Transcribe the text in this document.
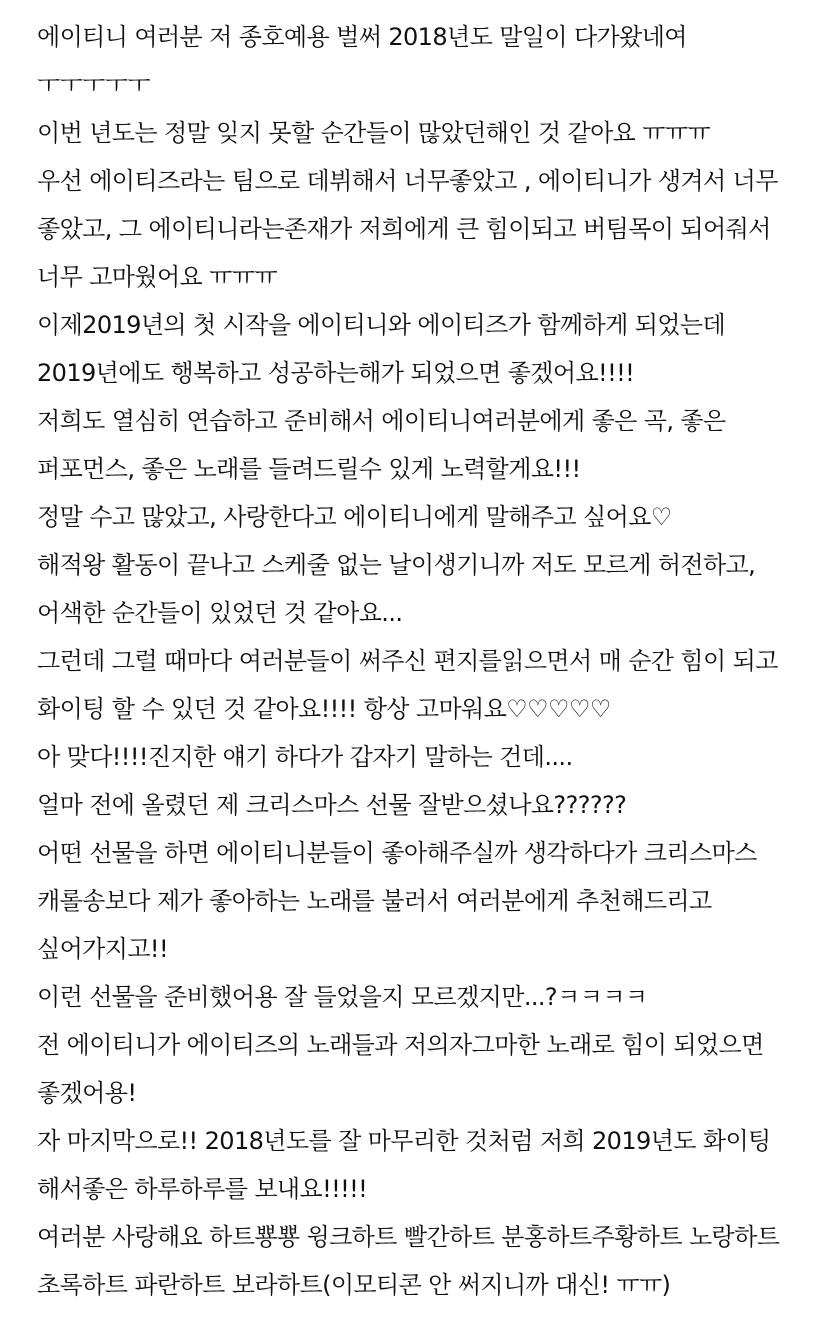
에이티니 여러분 저 종호예용 벌써 2018년도 말일이 다가왔네여 ㅜㅜㅜㅜㅜ

이번 년도는 정말 잊지 못할 순간들이 많았던해인 것 같아요 ㅠㅠㅠ

우선 에이티즈라는 팀으로 데뷔해서 너무좋았고 , 에이티니가 생겨서 너무 좋았고, 그 에이티니라는존재가 저희에게 큰 힘이되고 버팀목이 되어줘서 너무 고마웠어요 ㅠㅠㅠ

이제2019년의 첫 시작을 에이티니와 에이티즈가 함께하게 되었는데 2019년에도 행복하고 성공하는해가 되었으면 좋겠어요!!!!

저희도 열심히 연습하고 준비해서 에이티니여러분에게 좋은 곡, 좋은 퍼포먼스, 좋은 노래를 들려드릴수 있게 노력할게요!!!

정말 수고 많았고, 사랑한다고 에이티니에게 말해주고 싶어요♡

해적왕 활동이 끝나고 스케줄 없는 날이생기니까 저도 모르게 허전하고, 어색한 순간들이 있었던 것 같아요...

그런데 그럴 때마다 여러분들이 써주신 편지를읽으면서 매 순간 힘이 되고 화이팅 할 수 있던 것 같아요!!!! 항상 고마워요♡♡♡♡♡

아 맞다!!!!진지한 얘기 하다가 갑자기 말하는 건데....

얼마 전에 올렸던 제 크리스마스 선물 잘받으셨나요??????

어떤 선물을 하면 에이티니분들이 좋아해주실까 생각하다가 크리스마스 캐롤송보다 제가 좋아하는 노래를 불러서 여러분에게 추천해드리고 싶어가지고!!

이런 선물을 준비했어용 잘 들었을지 모르겠지만...?ㅋㅋㅋㅋ

전 에이티니가 에이티즈의 노래들과 저의자그마한 노래로 힘이 되었으면 좋겠어용!

자 마지막으로!! 2018년도를 잘 마무리한 것처럼 저희 2019년도 화이팅 해서좋은 하루하루를 보내요!!!!!

여러분 사랑해요 하트뿅뿅 윙크하트 빨간하트 분홍하트주황하트 노랑하트 초록하트 파란하트 보라하트(이모티콘 안 써지니까 대신! ㅠㅠ)
